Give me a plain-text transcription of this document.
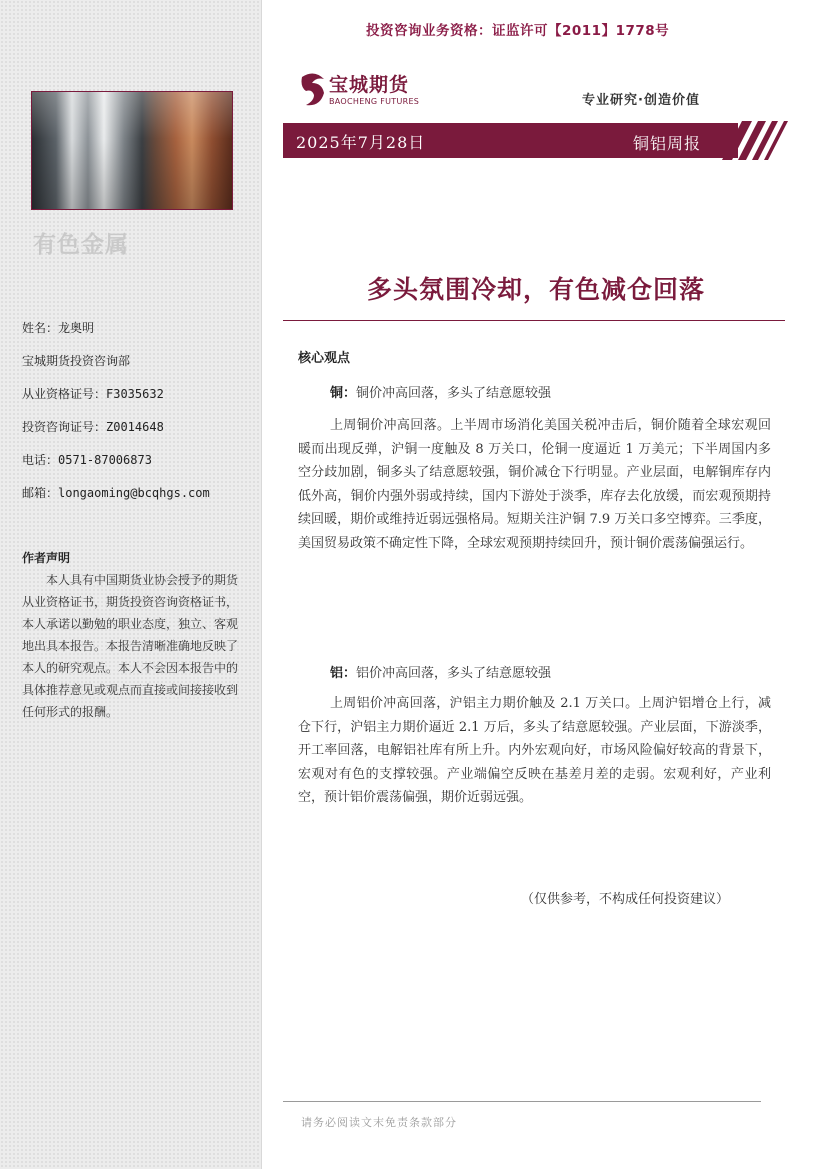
有色金属
姓名：龙奥明
宝城期货投资咨询部
从业资格证号：F3035632
投资咨询证号：Z0014648
电话：0571-87006873
邮箱：longaoming@bcqhgs.com
作者声明
本人具有中国期货业协会授予的期货从业资格证书，期货投资咨询资格证书，本人承诺以勤勉的职业态度，独立、客观地出具本报告。本报告清晰准确地反映了本人的研究观点。本人不会因本报告中的具体推荐意见或观点而直接或间接接收到任何形式的报酬。
投资咨询业务资格：证监许可【2011】1778号
宝城期货
BAOCHENG FUTURES	专业研究·创造价值
2025年7月28日	铜铝周报
多头氛围冷却，有色减仓回落
核心观点
铜：铜价冲高回落，多头了结意愿较强
上周铜价冲高回落。上半周市场消化美国关税冲击后，铜价随着全球宏观回暖而出现反弹，沪铜一度触及 8 万关口，伦铜一度逼近 1 万美元；下半周国内多空分歧加剧，铜多头了结意愿较强，铜价减仓下行明显。产业层面，电解铜库存内低外高，铜价内强外弱或持续，国内下游处于淡季，库存去化放缓，而宏观预期持续回暖，期价或维持近弱远强格局。短期关注沪铜 7.9 万关口多空博弈。三季度，美国贸易政策不确定性下降，全球宏观预期持续回升，预计铜价震荡偏强运行。
铝：铝价冲高回落，多头了结意愿较强
上周铝价冲高回落，沪铝主力期价触及 2.1 万关口。上周沪铝增仓上行，减仓下行，沪铝主力期价逼近 2.1 万后，多头了结意愿较强。产业层面，下游淡季，开工率回落，电解铝社库有所上升。内外宏观向好，市场风险偏好较高的背景下，宏观对有色的支撑较强。产业端偏空反映在基差月差的走弱。宏观利好，产业利空，预计铝价震荡偏强，期价近弱远强。
（仅供参考，不构成任何投资建议）
请务必阅读文末免责条款部分
